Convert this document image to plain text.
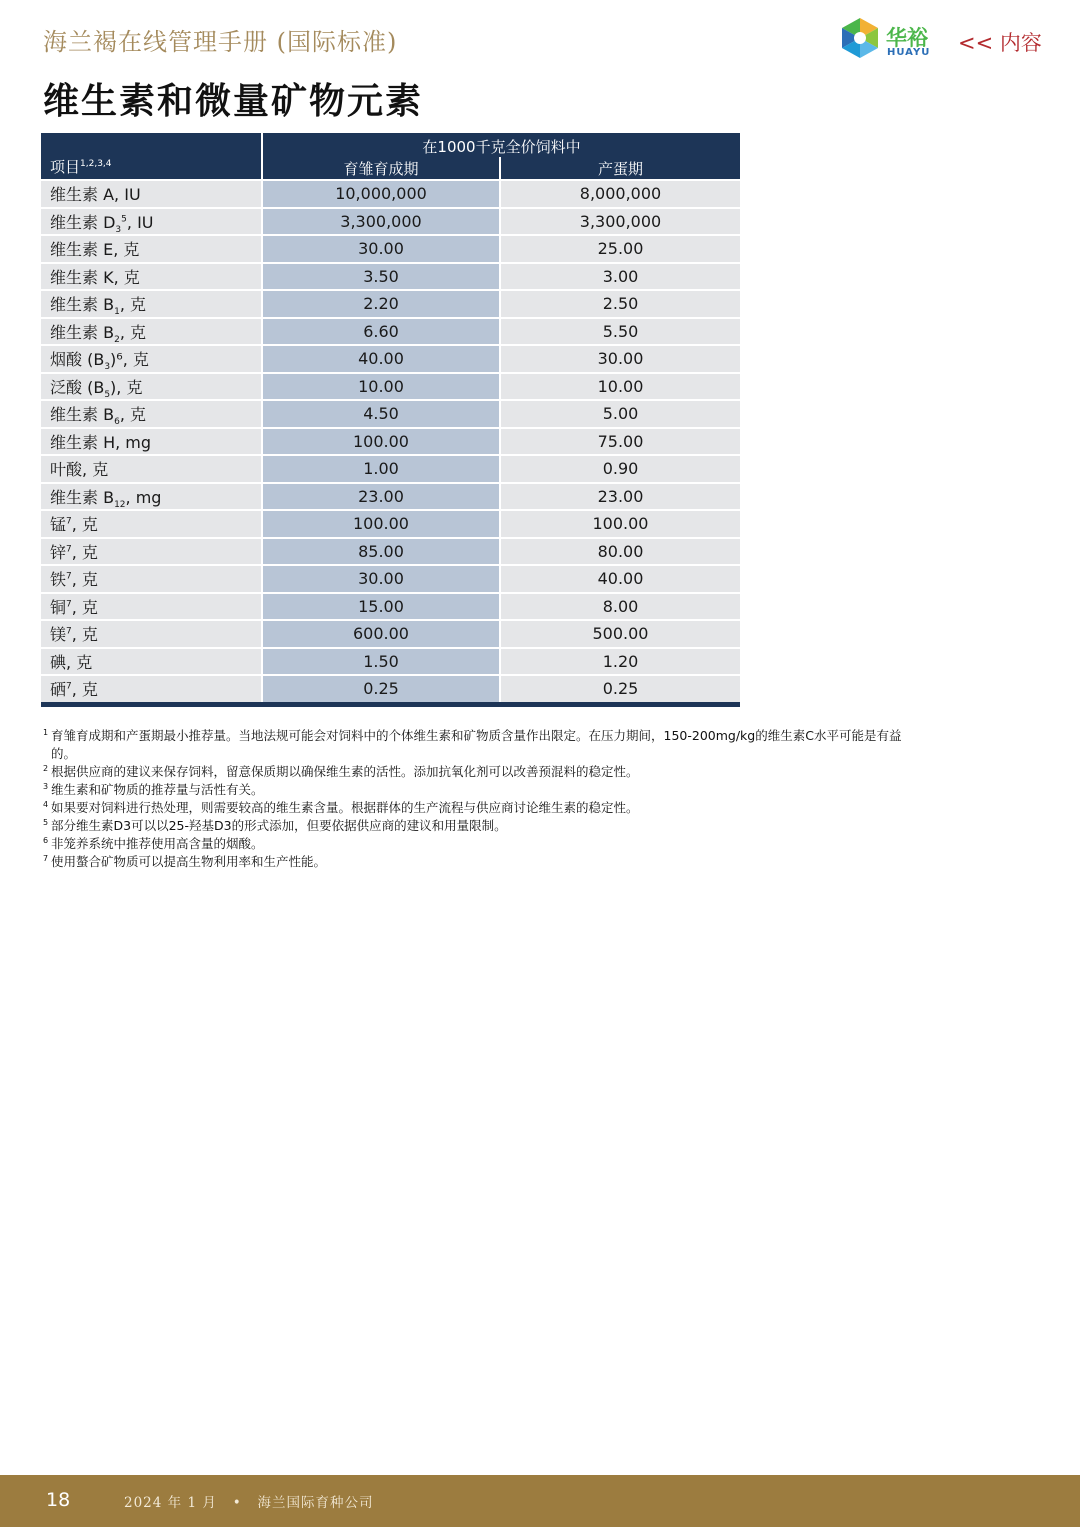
海兰褐在线管理手册 (国际标准)	华裕
HUAYU << 内容
维生素和微量矿物元素
项目$^{1,2,3,4}$	在1000千克全价饲料中	
	育雏育成期	产蛋期
维生素 A, IU	10,000,000	8,000,000
维生素 $D_3^5$, IU	3,300,000	3,300,000
维生素 E, 克	30.00	25.00
维生素 K, 克	3.50	3.00
维生素 $B_1$, 克	2.20	2.50
维生素 $B_2$, 克	6.60	5.50
烟酸 $(B_3)^6$, 克	40.00	30.00
泛酸 $(B_5)$, 克	10.00	10.00
维生素 $B_6$, 克	4.50	5.00
维生素 H, mg	100.00	75.00
叶酸, 克	1.00	0.90
维生素 $B_{12}$, mg	23.00	23.00
锰$^7$, 克	100.00	100.00
锌$^7$, 克	85.00	80.00
铁$^7$, 克	30.00	40.00
铜$^7$, 克	15.00	8.00
镁$^7$, 克	600.00	500.00
碘, 克	1.50	1.20
硒$^7$, 克	0.25	0.25
1 育雏育成期和产蛋期最小推荐量。当地法规可能会对饲料中的个体维生素和矿物质含量作出限定。在压力期间，150-200mg/kg的维生素C水平可能是有益的。
2 根据供应商的建议来保存饲料，留意保质期以确保维生素的活性。添加抗氧化剂可以改善预混料的稳定性。
3 维生素和矿物质的推荐量与活性有关。
4 如果要对饲料进行热处理，则需要较高的维生素含量。根据群体的生产流程与供应商讨论维生素的稳定性。
5 部分维生素D3可以以25-羟基D3的形式添加，但要依据供应商的建议和用量限制。
6 非笼养系统中推荐使用高含量的烟酸。
7 使用螯合矿物质可以提高生物利用率和生产性能。
18	2024 年 1 月 • 海兰国际育种公司
